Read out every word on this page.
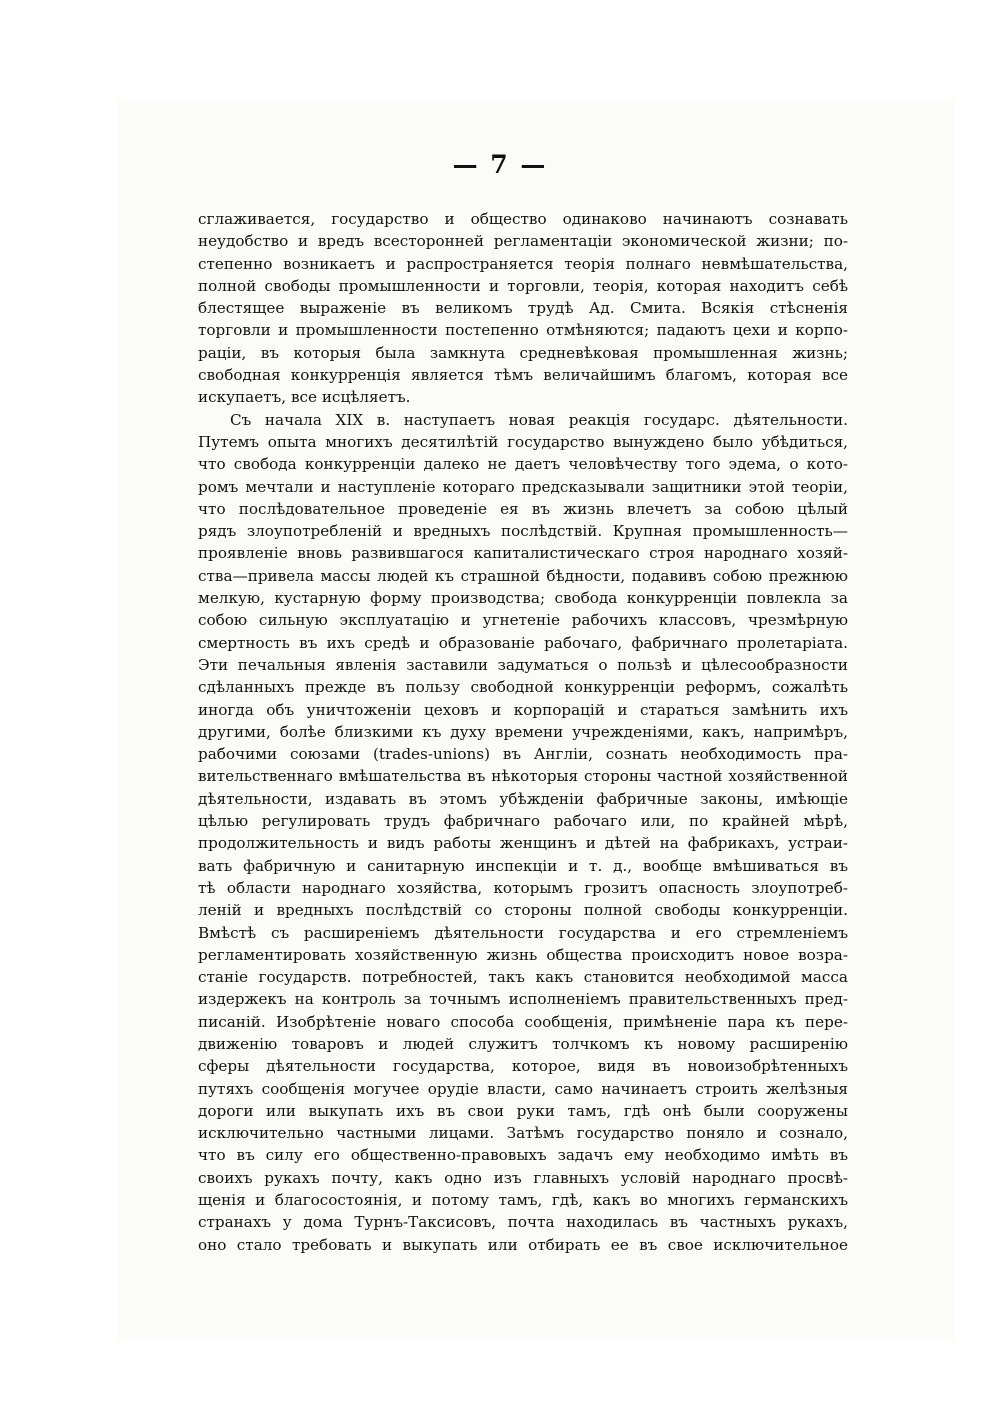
— 7 —
сглаживается, государство и общество одинаково начинаютъ сознавать
неудобство и вредъ всесторонней регламентаціи экономической жизни; по-
степенно возникаетъ и распространяется теорія полнаго невмѣшательства,
полной свободы промышленности и торговли, теорія, которая находитъ себѣ
блестящее выраженіе въ великомъ трудѣ Ад. Смита. Всякія стѣсненія
торговли и промышленности постепенно отмѣняются; падаютъ цехи и корпо-
раціи, въ которыя была замкнута средневѣковая промышленная жизнь;
свободная конкурренція является тѣмъ величайшимъ благомъ, которая все
искупаетъ, все исцѣляетъ.
Съ начала XIX в. наступаетъ новая реакція государс. дѣятельности.
Путемъ опыта многихъ десятилѣтій государство вынуждено было убѣдиться,
что свобода конкурренціи далеко не даетъ человѣчеству того эдема, о кото-
ромъ мечтали и наступленіе котораго предсказывали защитники этой теоріи,
что послѣдовательное проведеніе ея въ жизнь влечетъ за собою цѣлый
рядъ злоупотребленій и вредныхъ послѣдствій. Крупная промышленность—
проявленіе вновь развившагося капиталистическаго строя народнаго хозяй-
ства—привела массы людей къ страшной бѣдности, подавивъ собою прежнюю
мелкую, кустарную форму производства; свобода конкурренціи повлекла за
собою сильную эксплуатацію и угнетеніе рабочихъ классовъ, чрезмѣрную
смертность въ ихъ средѣ и образованіе рабочаго, фабричнаго пролетаріата.
Эти печальныя явленія заставили задуматься о пользѣ и цѣлесообразности
сдѣланныхъ прежде въ пользу свободной конкурренціи реформъ, сожалѣть
иногда объ уничтоженіи цеховъ и корпорацій и стараться замѣнить ихъ
другими, болѣе близкими къ духу времени учрежденіями, какъ, напримѣръ,
рабочими союзами (trades-unions) въ Англіи, сознать необходимость пра-
вительственнаго вмѣшательства въ нѣкоторыя стороны частной хозяйственной
дѣятельности, издавать въ этомъ убѣжденіи фабричные законы, имѣющіе
цѣлью регулировать трудъ фабричнаго рабочаго или, по крайней мѣрѣ,
продолжительность и видъ работы женщинъ и дѣтей на фабрикахъ, устраи-
вать фабричную и санитарную инспекціи и т. д., вообще вмѣшиваться въ
тѣ области народнаго хозяйства, которымъ грозитъ опасность злоупотреб-
леній и вредныхъ послѣдствій со стороны полной свободы конкурренціи.
Вмѣстѣ съ расширеніемъ дѣятельности государства и его стремленіемъ
регламентировать хозяйственную жизнь общества происходитъ новое возра-
станіе государств. потребностей, такъ какъ становится необходимой масса
издержекъ на контроль за точнымъ исполненіемъ правительственныхъ пред-
писаній. Изобрѣтеніе новаго способа сообщенія, примѣненіе пара къ пере-
движенію товаровъ и людей служитъ толчкомъ къ новому расширенію
сферы дѣятельности государства, которое, видя въ новоизобрѣтенныхъ
путяхъ сообщенія могучее орудіе власти, само начинаетъ строить желѣзныя
дороги или выкупать ихъ въ свои руки тамъ, гдѣ онѣ были сооружены
исключительно частными лицами. Затѣмъ государство поняло и сознало,
что въ силу его общественно-правовыхъ задачъ ему необходимо имѣть въ
своихъ рукахъ почту, какъ одно изъ главныхъ условій народнаго просвѣ-
щенія и благосостоянія, и потому тамъ, гдѣ, какъ во многихъ германскихъ
странахъ у дома Турнъ-Таксисовъ, почта находилась въ частныхъ рукахъ,
оно стало требовать и выкупать или отбирать ее въ свое исключительное
